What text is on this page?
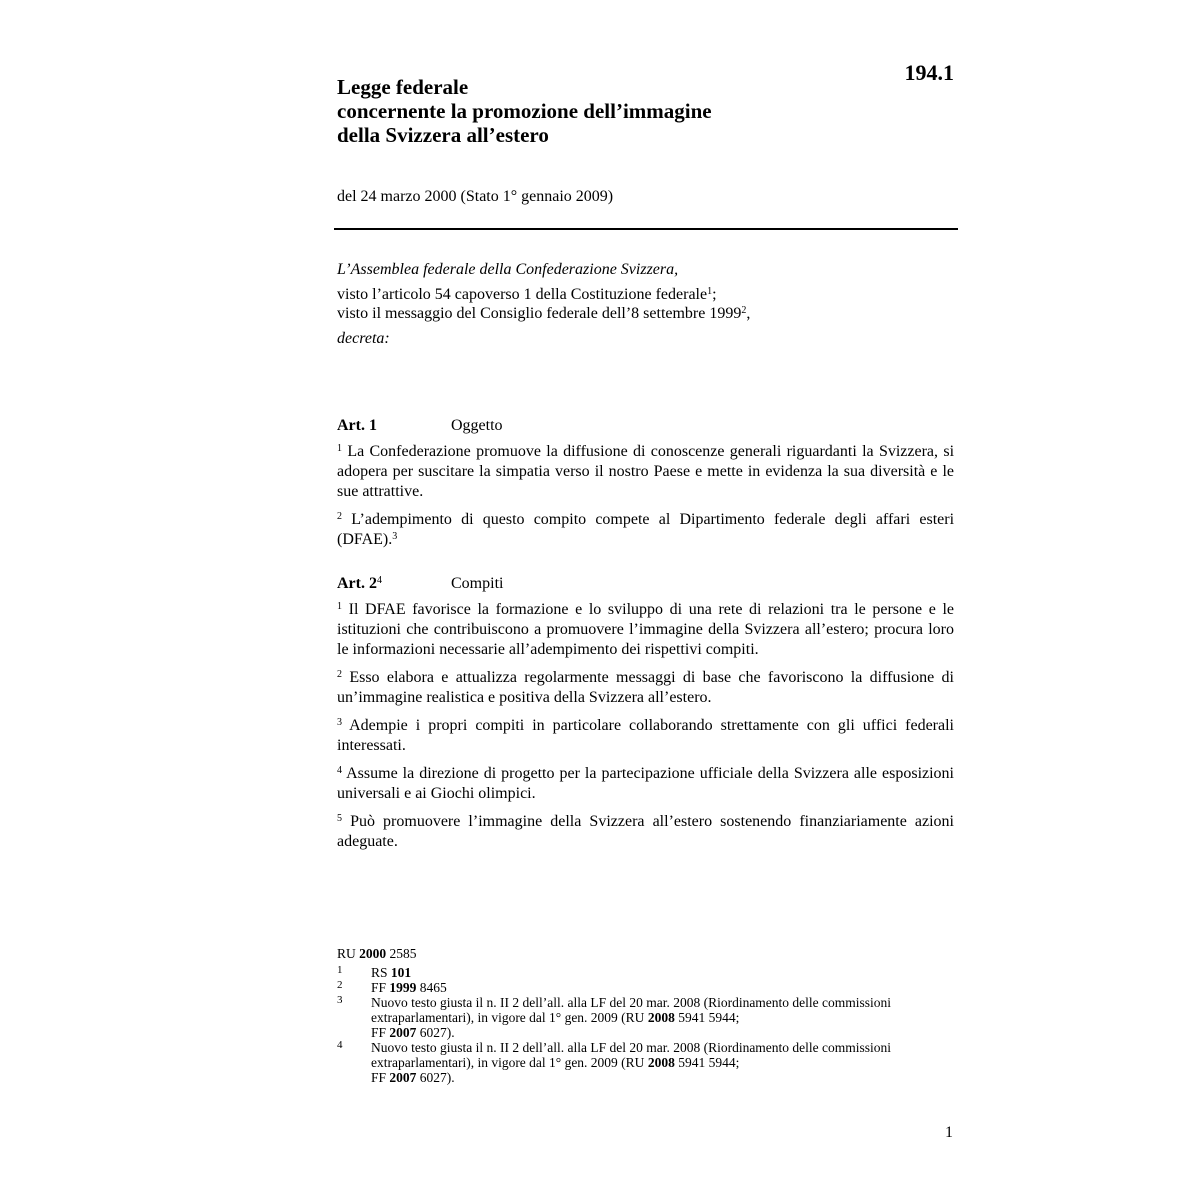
194.1
Legge federale
concernente la promozione dell’immagine
della Svizzera all’estero
del 24 marzo 2000 (Stato 1° gennaio 2009)
L’Assemblea federale della Confederazione Svizzera,
visto l’articolo 54 capoverso 1 della Costituzione federale$^1$;
visto il messaggio del Consiglio federale dell’8 settembre 1999$^2$,
decreta:
Art. 1	Oggetto
$^1$ La Confederazione promuove la diffusione di conoscenze generali riguardanti la Svizzera, si adopera per suscitare la simpatia verso il nostro Paese e mette in evidenza la sua diversità e le sue attrattive.
$^2$ L’adempimento di questo compito compete al Dipartimento federale degli affari esteri (DFAE).$^3$
Art. $2^4$	Compiti
$^1$ Il DFAE favorisce la formazione e lo sviluppo di una rete di relazioni tra le persone e le istituzioni che contribuiscono a promuovere l’immagine della Svizzera all’estero; procura loro le informazioni necessarie all’adempimento dei rispettivi compiti.
$^2$ Esso elabora e attualizza regolarmente messaggi di base che favoriscono la diffusione di un’immagine realistica e positiva della Svizzera all’estero.
$^3$ Adempie i propri compiti in particolare collaborando strettamente con gli uffici federali interessati.
$^4$ Assume la direzione di progetto per la partecipazione ufficiale della Svizzera alle esposizioni universali e ai Giochi olimpici.
$^5$ Può promuovere l’immagine della Svizzera all’estero sostenendo finanziariamente azioni adeguate.
RU 2000 2585
1	RS 101
2	FF 1999 8465
3	Nuovo testo giusta il n. II 2 dell’all. alla LF del 20 mar. 2008 (Riordinamento delle commissioni extraparlamentari), in vigore dal 1° gen. 2009 (RU 2008 5941 5944;
FF 2007 6027).
4	Nuovo testo giusta il n. II 2 dell’all. alla LF del 20 mar. 2008 (Riordinamento delle commissioni extraparlamentari), in vigore dal 1° gen. 2009 (RU 2008 5941 5944;
FF 2007 6027).
1
